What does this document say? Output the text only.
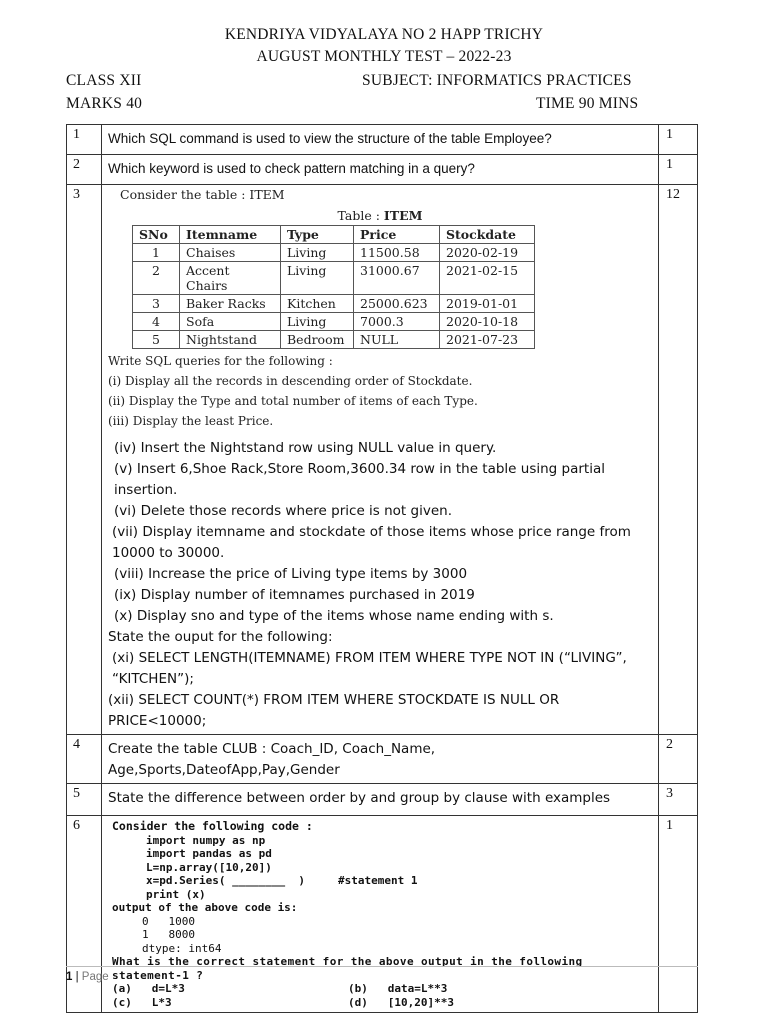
KENDRIYA VIDYALAYA NO 2 HAPP TRICHY
AUGUST MONTHLY TEST – 2022-23
CLASS XII	SUBJECT: INFORMATICS PRACTICES
MARKS 40	TIME 90 MINS
1	Which SQL command is used to view the structure of the table Employee?	1
2	Which keyword is used to check pattern matching in a query?	1
3	Consider the table : ITEM
Table : ITEM
SNo	Itemname	Type	Price	Stockdate
1	Chaises	Living	11500.58	2020-02-19
2	Accent Chairs	Living	31000.67	2021-02-15
3	Baker Racks	Kitchen	25000.623	2019-01-01
4	Sofa	Living	7000.3	2020-10-18
5	Nightstand	Bedroom	NULL	2021-07-23
Write SQL queries for the following :
(i) Display all the records in descending order of Stockdate.
(ii) Display the Type and total number of items of each Type.
(iii) Display the least Price.
(iv) Insert the Nightstand row using NULL value in query.
(v) Insert 6,Shoe Rack,Store Room,3600.34 row in the table using partial insertion.
(vi) Delete those records where price is not given.
(vii) Display itemname and stockdate of those items whose price range from 10000 to 30000.
(viii) Increase the price of Living type items by 3000
(ix) Display number of itemnames purchased in 2019
(x) Display sno and type of the items whose name ending with s.
State the ouput for the following:
(xi) SELECT LENGTH(ITEMNAME) FROM ITEM WHERE TYPE NOT IN (“LIVING”, “KITCHEN”);
(xii) SELECT COUNT(*) FROM ITEM WHERE STOCKDATE IS NULL OR PRICE<10000;
	12
4	Create the table CLUB : Coach_ID, Coach_Name, Age,Sports,DateofApp,Pay,Gender	2
5	State the difference between order by and group by clause with examples	3
6	Consider the following code :
import numpy as np
import pandas as pd
L=np.array([10,20])
x=pd.Series( ________  )     #statement 1
print (x)
output of the above code is:
0   1000
1   8000
dtype: int64
What is the correct statement for the above output in the following statement-1 ?
(a)   d=L*3	(b)   data=L**3
(c)   L*3	(d)   [10,20]**3
	1
1 | Page
